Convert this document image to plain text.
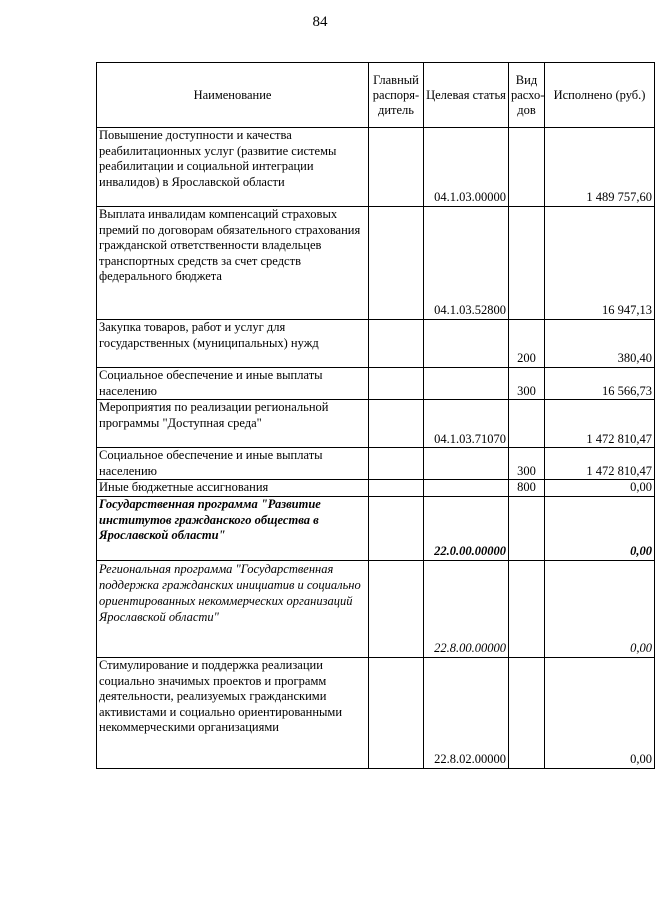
84
Наименование	Главный распоря-дитель	Целевая статья	Вид расхо-дов	Исполнено (руб.)
Повышение доступности и качества реабилитационных услуг (развитие системы реабилитации и социальной интеграции инвалидов) в Ярославской области		04.1.03.00000		1 489 757,60
Выплата инвалидам компенсаций страховых премий по договорам обязательного страхования гражданской ответственности владельцев транспортных средств за счет средств федерального бюджета		04.1.03.52800		16 947,13
Закупка товаров, работ и услуг для государственных (муниципальных) нужд			200	380,40
Социальное обеспечение и иные выплаты населению			300	16 566,73
Мероприятия по реализации региональной программы "Доступная среда"		04.1.03.71070		1 472 810,47
Социальное обеспечение и иные выплаты населению			300	1 472 810,47
Иные бюджетные ассигнования			800	0,00
Государственная программа "Развитие институтов гражданского общества в Ярославской области"		22.0.00.00000		0,00
Региональная программа "Государственная поддержка гражданских инициатив и социально ориентированных некоммерческих организаций Ярославской области"		22.8.00.00000		0,00
Стимулирование и поддержка реализации социально значимых проектов и программ деятельности, реализуемых гражданскими активистами и социально ориентированными некоммерческими организациями		22.8.02.00000		0,00
